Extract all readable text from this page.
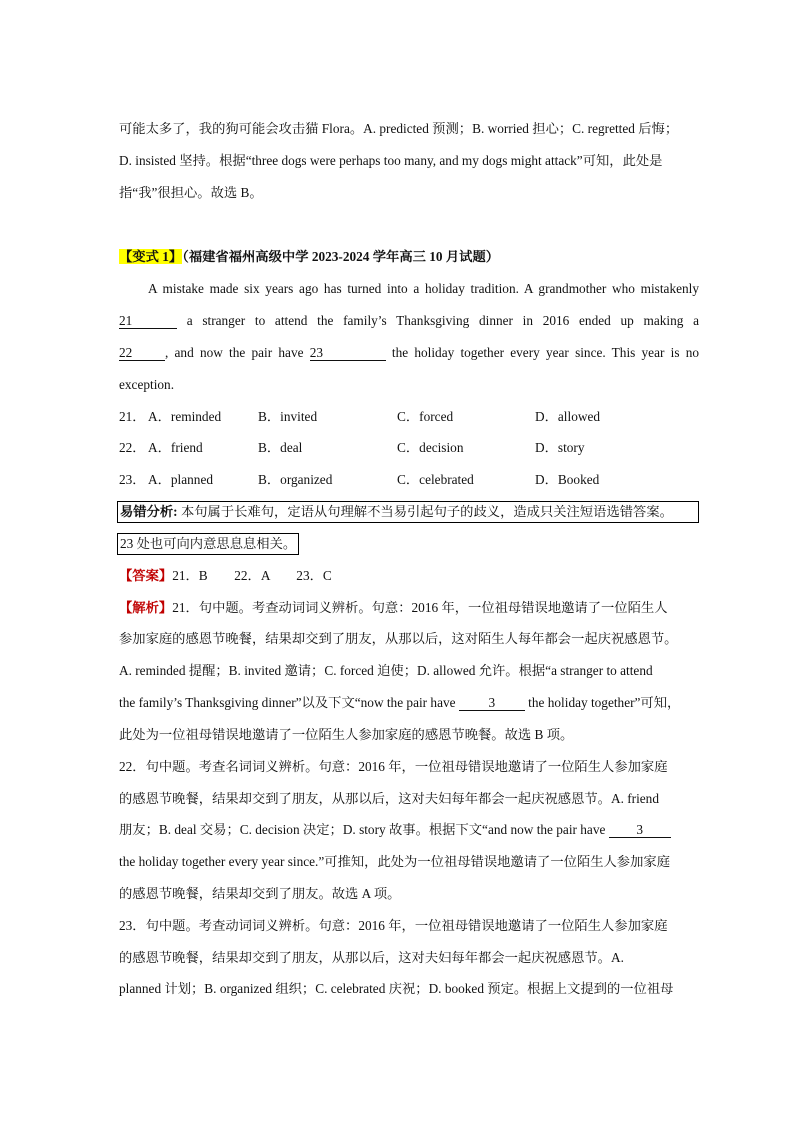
可能太多了，我的狗可能会攻击猫 Flora。A. predicted 预测；B. worried 担心；C. regretted 后悔；
D. insisted 坚持。根据“three dogs were perhaps too many, and my dogs might attack”可知，此处是
指“我”很担心。故选 B。
【变式 1】（福建省福州高级中学 2023-2024 学年高三 10 月试题）
A mistake made six years ago has turned into a holiday tradition. A grandmother who mistakenly
21	a stranger to attend the family’s Thanksgiving dinner in 2016 ended up making a
22 , and now the pair have 23	the holiday together every year since. This year is no
exception.
21． A．reminded	B．invited	C．forced	D．allowed
22． A．friend	B．deal	C．decision	D．story
23． A．planned	B．organized	C．celebrated	D．Booked
易错分析: 本句属于长难句，定语从句理解不当易引起句子的歧义，造成只关注短语选错答案。
23 处也可向内意思息息相关。
【答案】21．B　　22．A　　23．C
【解析】21．句中题。考查动词词义辨析。句意：2016 年，一位祖母错误地邀请了一位陌生人
参加家庭的感恩节晚餐，结果却交到了朋友，从那以后，这对陌生人每年都会一起庆祝感恩节。
A. reminded 提醒；B. invited 邀请；C. forced 迫使；D. allowed 允许。根据“a stranger to attend
the family’s Thanksgiving dinner”以及下文“now the pair have 3 the holiday together”可知，
此处为一位祖母错误地邀请了一位陌生人参加家庭的感恩节晚餐。故选 B 项。
22．句中题。考查名词词义辨析。句意：2016 年，一位祖母错误地邀请了一位陌生人参加家庭
的感恩节晚餐，结果却交到了朋友，从那以后，这对夫妇每年都会一起庆祝感恩节。A. friend
朋友；B. deal 交易；C. decision 决定；D. story 故事。根据下文“and now the pair have 3
the holiday together every year since.”可推知，此处为一位祖母错误地邀请了一位陌生人参加家庭
的感恩节晚餐，结果却交到了朋友。故选 A 项。
23．句中题。考查动词词义辨析。句意：2016 年，一位祖母错误地邀请了一位陌生人参加家庭
的感恩节晚餐，结果却交到了朋友，从那以后，这对夫妇每年都会一起庆祝感恩节。A.
planned 计划；B. organized 组织；C. celebrated 庆祝；D. booked 预定。根据上文提到的一位祖母
